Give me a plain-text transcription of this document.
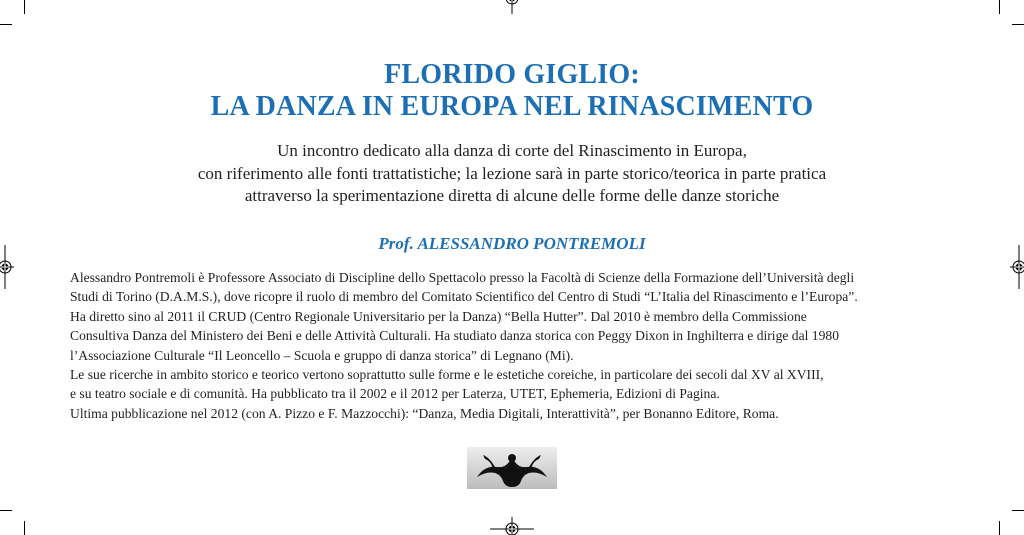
FLORIDO GIGLIO:
LA DANZA IN EUROPA NEL RINASCIMENTO
Un incontro dedicato alla danza di corte del Rinascimento in Europa,
con riferimento alle fonti trattatistiche; la lezione sarà in parte storico/teorica in parte pratica
attraverso la sperimentazione diretta di alcune delle forme delle danze storiche
Prof. ALESSANDRO PONTREMOLI
Alessandro Pontremoli è Professore Associato di Discipline dello Spettacolo presso la Facoltà di Scienze della Formazione dell’Università degli
Studi di Torino (D.A.M.S.), dove ricopre il ruolo di membro del Comitato Scientifico del Centro di Studi “L’Italia del Rinascimento e l’Europa”.
Ha diretto sino al 2011 il CRUD (Centro Regionale Universitario per la Danza) “Bella Hutter”. Dal 2010 è membro della Commissione
Consultiva Danza del Ministero dei Beni e delle Attività Culturali. Ha studiato danza storica con Peggy Dixon in Inghilterra e dirige dal 1980
l’Associazione Culturale “Il Leoncello – Scuola e gruppo di danza storica” di Legnano (Mi).
Le sue ricerche in ambito storico e teorico vertono soprattutto sulle forme e le estetiche coreiche, in particolare dei secoli dal XV al XVIII,
e su teatro sociale e di comunità. Ha pubblicato tra il 2002 e il 2012 per Laterza, UTET, Ephemeria, Edizioni di Pagina.
Ultima pubblicazione nel 2012 (con A. Pizzo e F. Mazzocchi): “Danza, Media Digitali, Interattività”, per Bonanno Editore, Roma.
